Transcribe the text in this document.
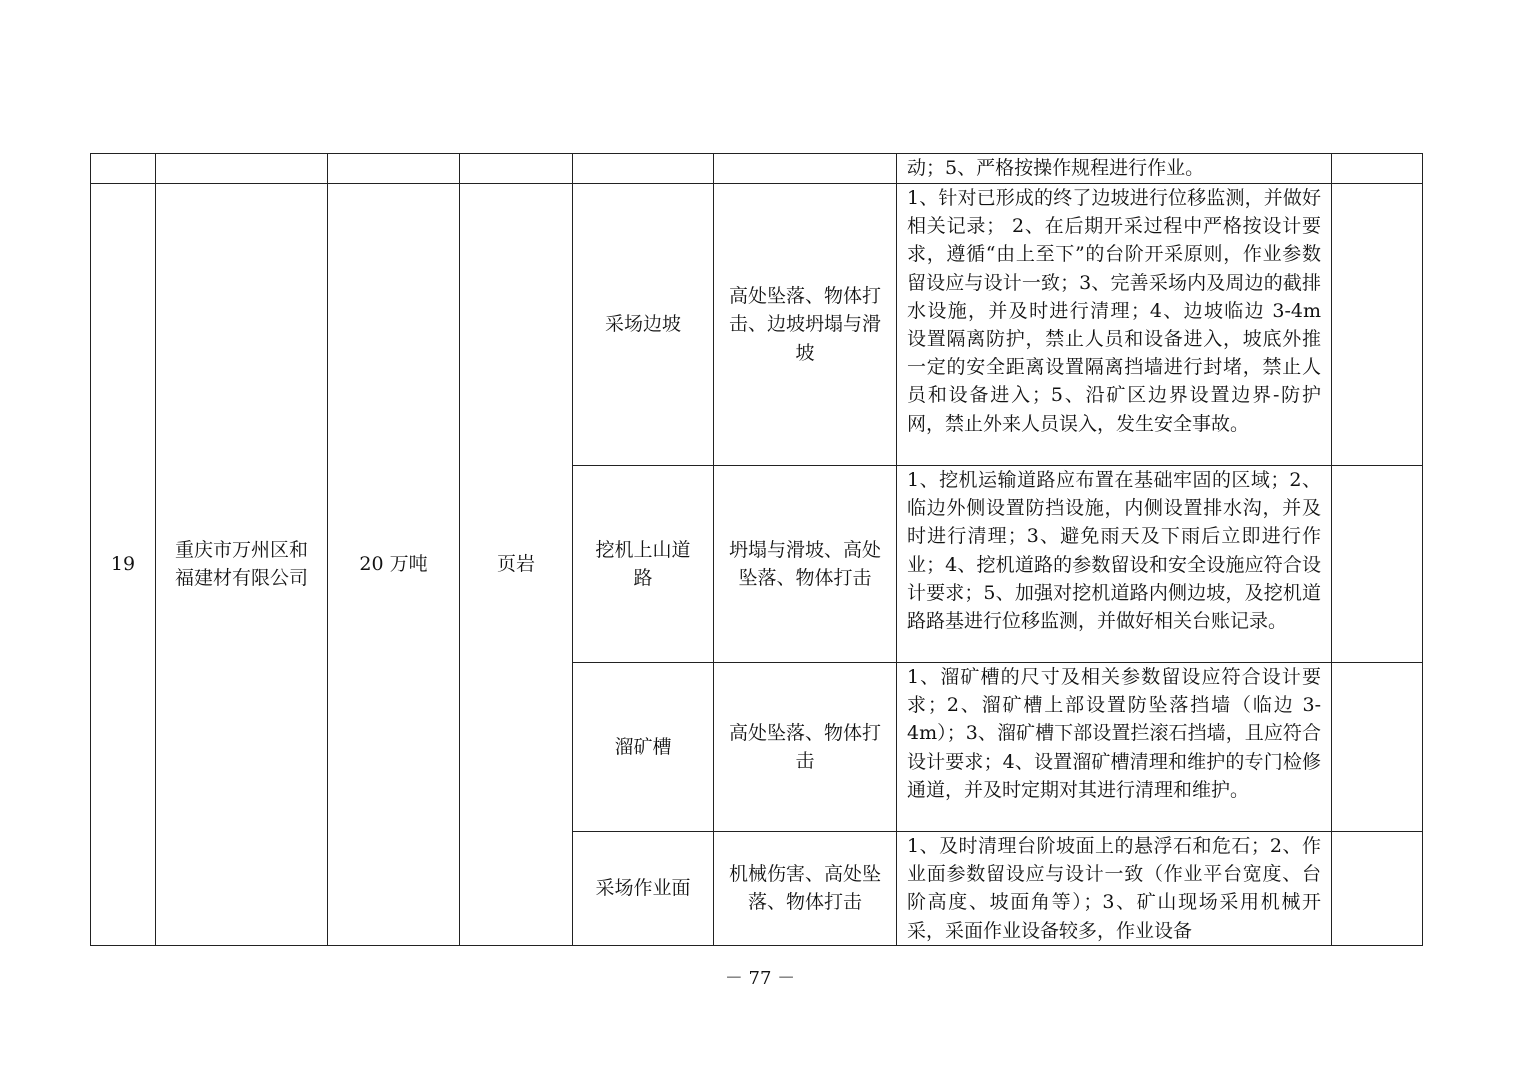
						动；5、严格按操作规程进行作业。	
19	重庆市万州区和福建材有限公司	20 万吨	页岩	采场边坡	高处坠落、物体打击、边坡坍塌与滑坡	1、针对已形成的终了边坡进行位移监测，并做好相关记录； 2、在后期开采过程中严格按设计要求，遵循“由上至下”的台阶开采原则，作业参数留设应与设计一致；3、完善采场内及周边的截排水设施，并及时进行清理；4、边坡临边 3-4m 设置隔离防护，禁止人员和设备进入，坡底外推一定的安全距离设置隔离挡墙进行封堵，禁止人员和设备进入；5、沿矿区边界设置边界-防护网，禁止外来人员误入，发生安全事故。	
				挖机上山道路	坍塌与滑坡、高处坠落、物体打击	1、挖机运输道路应布置在基础牢固的区域；2、临边外侧设置防挡设施，内侧设置排水沟，并及时进行清理；3、避免雨天及下雨后立即进行作业；4、挖机道路的参数留设和安全设施应符合设计要求；5、加强对挖机道路内侧边坡，及挖机道路路基进行位移监测，并做好相关台账记录。	
				溜矿槽	高处坠落、物体打击	1、溜矿槽的尺寸及相关参数留设应符合设计要求；2、溜矿槽上部设置防坠落挡墙（临边 3-4m）；3、溜矿槽下部设置拦滚石挡墙，且应符合设计要求；4、设置溜矿槽清理和维护的专门检修通道，并及时定期对其进行清理和维护。	
				采场作业面	机械伤害、高处坠落、物体打击	1、及时清理台阶坡面上的悬浮石和危石；2、作业面参数留设应与设计一致（作业平台宽度、台阶高度、坡面角等）；3、矿山现场采用机械开采，采面作业设备较多，作业设备	
－ 77 －
